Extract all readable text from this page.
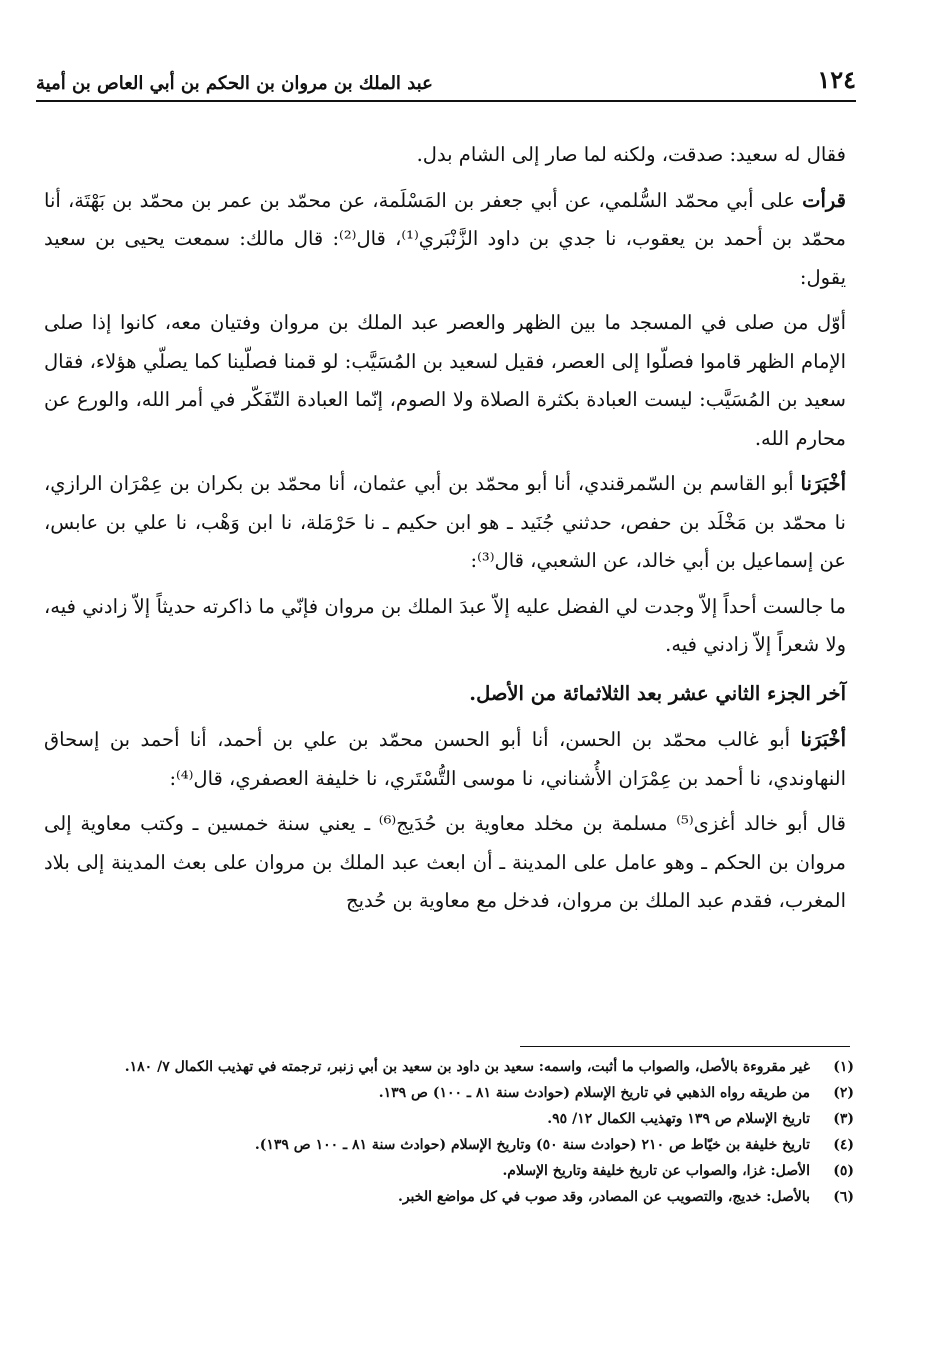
١٢٤
عبد الملك بن مروان بن الحكم بن أبي العاص بن أمية

فقال له سعيد: صدقت، ولكنه لما صار إلى الشام بدل.

قرأت على أبي محمّد السُّلمي، عن أبي جعفر بن المَسْلَمة، عن محمّد بن عمر بن محمّد بن بَهْتَة، أنا محمّد بن أحمد بن يعقوب، نا جدي بن داود الزَّنْبَري⁽¹⁾، قال⁽²⁾: قال مالك: سمعت يحيى بن سعيد يقول:

أوّل من صلى في المسجد ما بين الظهر والعصر عبد الملك بن مروان وفتيان معه، كانوا إذا صلى الإمام الظهر قاموا فصلّوا إلى العصر، فقيل لسعيد بن المُسَيَّب: لو قمنا فصلّينا كما يصلّي هؤلاء، فقال سعيد بن المُسَيَّب: ليست العبادة بكثرة الصلاة ولا الصوم، إنّما العبادة التّفَكّر في أمر الله، والورع عن محارم الله.

أخْبَرَنا أبو القاسم بن السّمرقندي، أنا أبو محمّد بن أبي عثمان، أنا محمّد بن بكران بن عِمْرَان الرازي، نا محمّد بن مَخْلَد بن حفص، حدثني جُنَيد ـ هو ابن حكيم ـ نا حَرْمَلة، نا ابن وَهْب، نا علي بن عابس، عن إسماعيل بن أبي خالد، عن الشعبي، قال⁽³⁾:

ما جالست أحداً إلاّ وجدت لي الفضل عليه إلاّ عبدَ الملك بن مروان فإنّي ما ذاكرته حديثاً إلاّ زادني فيه، ولا شعراً إلاّ زادني فيه.

آخر الجزء الثاني عشر بعد الثلاثمائة من الأصل.

أخْبَرَنا أبو غالب محمّد بن الحسن، أنا أبو الحسن محمّد بن علي بن أحمد، أنا أحمد بن إسحاق النهاوندي، نا أحمد بن عِمْرَان الأُشناني، نا موسى التُّسْتَري، نا خليفة العصفري، قال⁽⁴⁾:

قال أبو خالد أغزى⁽⁵⁾ مسلمة بن مخلد معاوية بن حُدَيج⁽⁶⁾ ـ يعني سنة خمسين ـ وكتب معاوية إلى مروان بن الحكم ـ وهو عامل على المدينة ـ أن ابعث عبد الملك بن مروان على بعث المدينة إلى بلاد المغرب، فقدم عبد الملك بن مروان، فدخل مع معاوية بن حُديج

(١)
غير مقروءة بالأصل، والصواب ما أثبت، واسمه: سعيد بن داود بن سعيد بن أبي زنبر، ترجمته في تهذيب الكمال ٧/ ١٨٠.
(٢)
من طريقه رواه الذهبي في تاريخ الإسلام (حوادث سنة ٨١ ـ ١٠٠) ص ١٣٩.
(٣)
تاريخ الإسلام ص ١٣٩ وتهذيب الكمال ١٢/ ٩٥.
(٤)
تاريخ خليفة بن خيّاط ص ٢١٠ (حوادث سنة ٥٠) وتاريخ الإسلام (حوادث سنة ٨١ ـ ١٠٠ ص ١٣٩).
(٥)
الأصل: غزا، والصواب عن تاريخ خليفة وتاريخ الإسلام.
(٦)
بالأصل: خديج، والتصويب عن المصادر، وقد صوب في كل مواضع الخبر.
